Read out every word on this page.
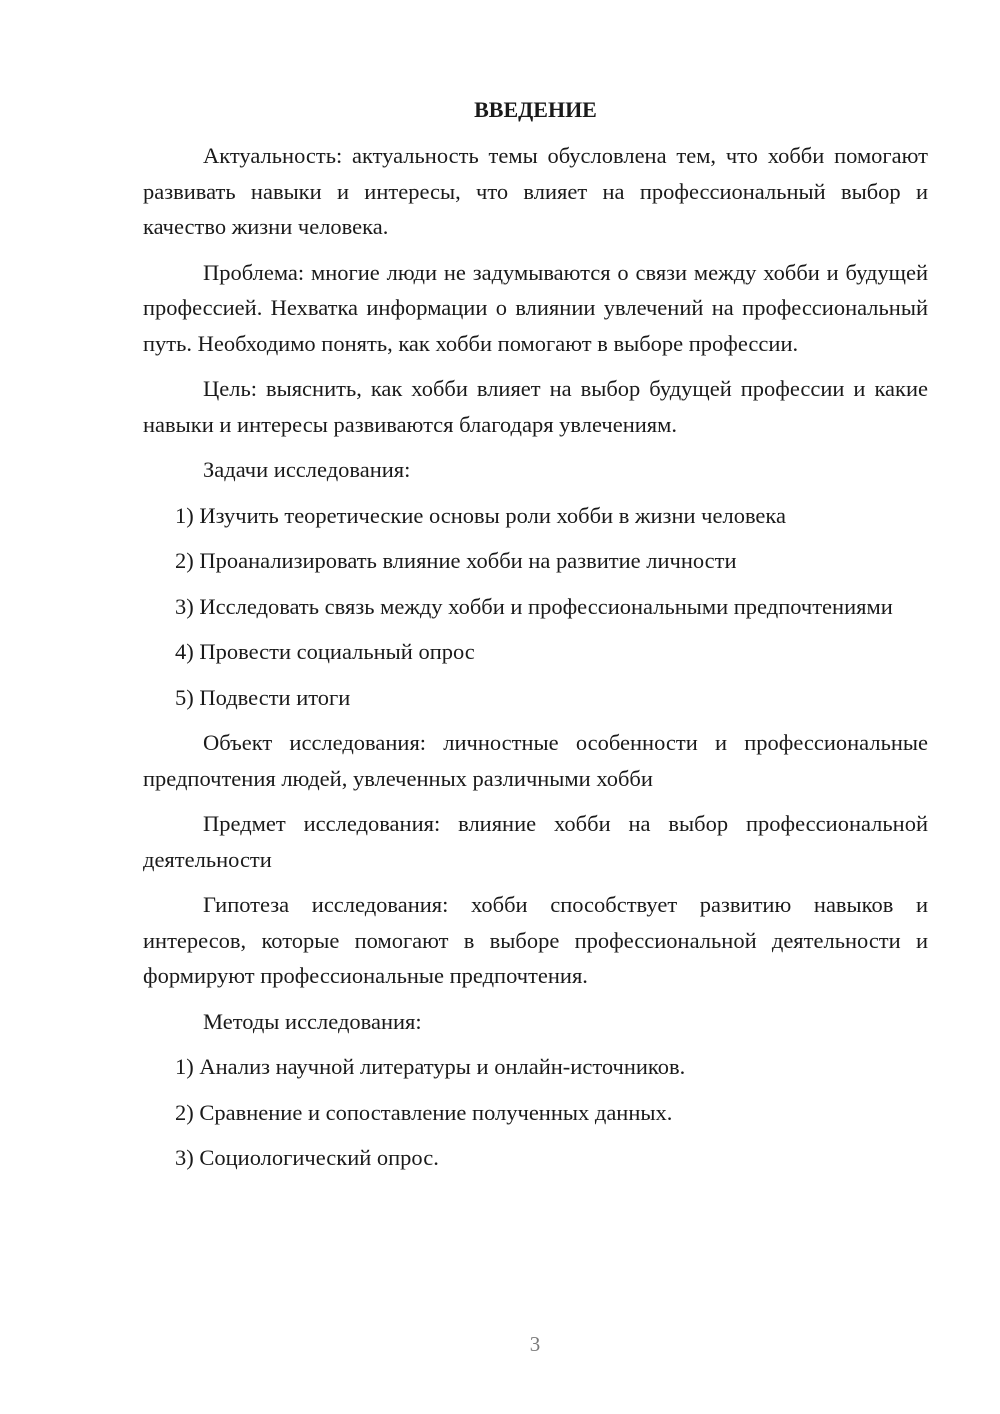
ВВЕДЕНИЕ

Актуальность: актуальность темы обусловлена тем, что хобби помогают развивать навыки и интересы, что влияет на профессиональный выбор и качество жизни человека.

Проблема: многие люди не задумываются о связи между хобби и будущей профессией. Нехватка информации о влиянии увлечений на профессиональный путь. Необходимо понять, как хобби помогают в выборе профессии.

Цель: выяснить, как хобби влияет на выбор будущей профессии и какие навыки и интересы развиваются благодаря увлечениям.

Задачи исследования:

1) Изучить теоретические основы роли хобби в жизни человека

2) Проанализировать влияние хобби на развитие личности

3) Исследовать связь между хобби и профессиональными предпочтениями

4) Провести социальный опрос

5) Подвести итоги

Объект исследования: личностные особенности и профессиональные предпочтения людей, увлеченных различными хобби

Предмет исследования: влияние хобби на выбор профессиональной деятельности

Гипотеза исследования: хобби способствует развитию навыков и интересов, которые помогают в выборе профессиональной деятельности и формируют профессиональные предпочтения.

Методы исследования:

1) Анализ научной литературы и онлайн-источников.

2) Сравнение и сопоставление полученных данных.

3) Социологический опрос.

3
